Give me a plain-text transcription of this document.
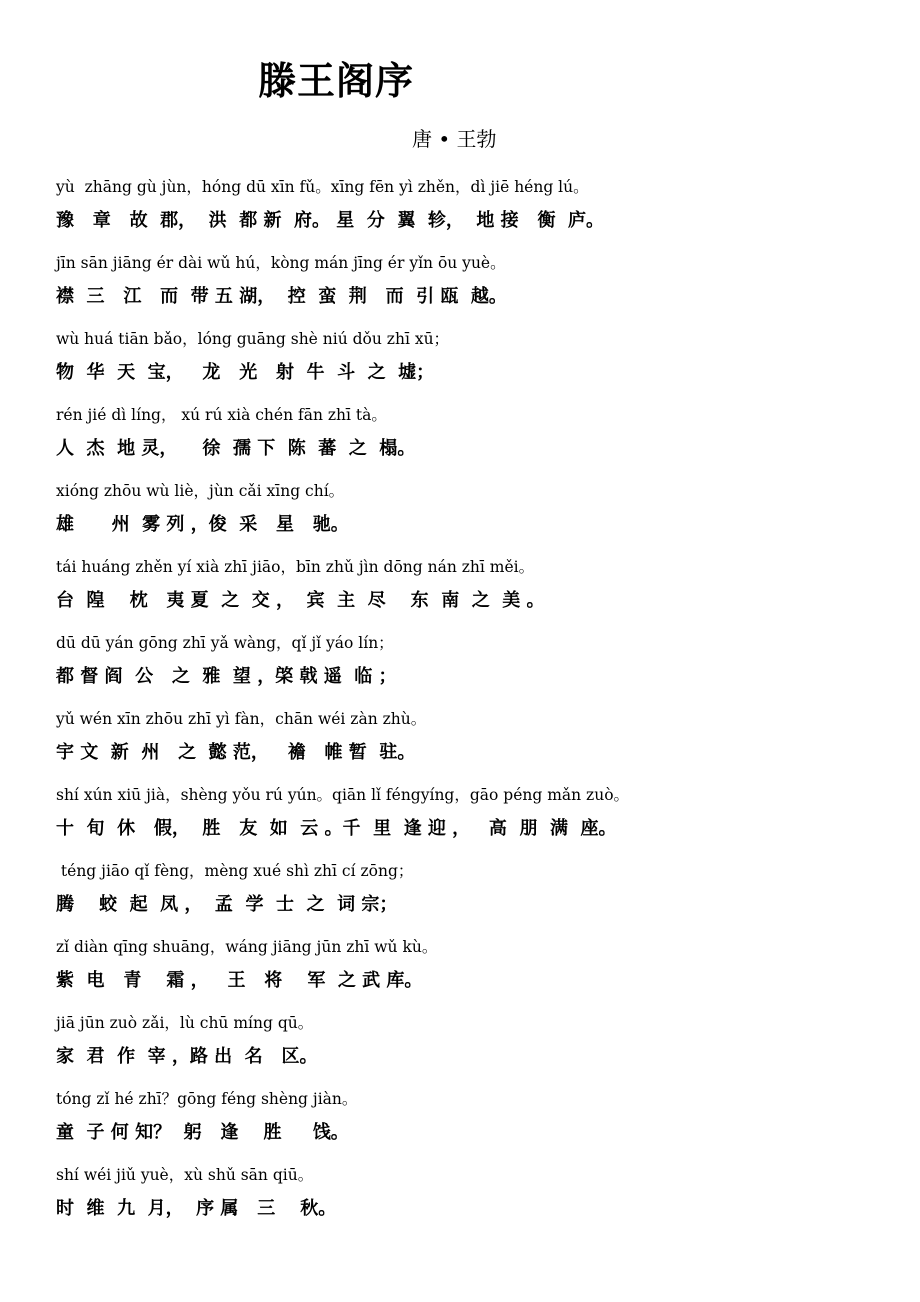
滕王阁序
唐 • 王勃
yù  zhāng gù jùn，hóng dū xīn fǔ。xīng fēn yì zhěn，dì jiē héng lú。
豫   章   故  郡，  洪  都 新  府。 星  分  翼  轸，  地 接   衡  庐。
jīn sān jiāng ér dài wǔ hú，kòng mán jīng ér yǐn ōu yuè。
襟  三   江   而  带 五 湖，  控  蛮  荆   而  引 瓯  越。
wù huá tiān bǎo，lóng guāng shè niú dǒu zhī xū；
物  华  天  宝，   龙   光   射  牛  斗  之  墟；
rén jié dì líng， xú rú xià chén fān zhī tà。
人  杰  地 灵，    徐  孺 下  陈  蕃  之  榻。
xióng zhōu wù liè，jùn cǎi xīng chí。
雄      州  雾 列 ，俊  采   星   驰。
tái huáng zhěn yí xià zhī jiāo，bīn zhǔ jìn dōng nán zhī měi。
台  隍    枕   夷 夏  之  交 ，  宾  主  尽    东  南  之  美 。
dū dū yán gōng zhī yǎ wàng，qǐ jǐ yáo lín；
都 督 阎  公   之  雅  望 ，棨 戟 遥  临 ；
yǔ wén xīn zhōu zhī yì fàn，chān wéi zàn zhù。
宇 文  新  州   之  懿 范，   襜   帷 暂  驻。
shí xún xiū jià，shèng yǒu rú yún。qiān lǐ féngyíng，gāo péng mǎn zuò。
十  旬  休   假，  胜   友  如  云 。千  里  逢 迎 ，   高  朋  满  座。
téng jiāo qǐ fèng，mèng xué shì zhī cí zōng；
腾    蛟  起  凤 ，  孟  学  士  之  词 宗；
zǐ diàn qīng shuāng，wáng jiāng jūn zhī wǔ kù。
紫  电   青    霜 ，   王   将    军  之 武 库。
jiā jūn zuò zǎi，lù chū míng qū。
家  君  作  宰 ，路 出  名   区。
tóng zǐ hé zhī？gōng féng shèng jiàn。
童  子 何 知？  躬   逢    胜     饯。
shí wéi jiǔ yuè，xù shǔ sān qiū。
时  维  九  月，  序 属   三    秋。
